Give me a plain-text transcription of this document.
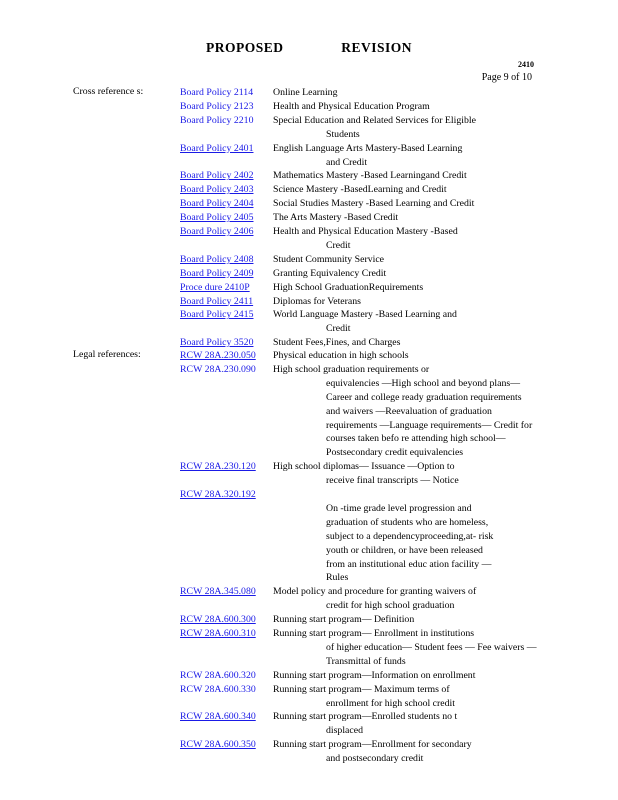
PROPOSED	REVISION
2410
Page 9 of 10
Cross reference s:
Legal references:
Board Policy 2114 Online Learning
Board Policy 2123 Health and Physical Education Program
Board Policy 2210 Special Education and Related Services for Eligible
Students
Board Policy 2401 English Language Arts Mastery-Based Learning
and Credit
Board Policy 2402 Mathematics Mastery -Based Learningand Credit
Board Policy 2403 Science Mastery -BasedLearning and Credit
Board Policy 2404 Social Studies Mastery -Based Learning and Credit
Board Policy 2405 The Arts Mastery -Based Credit
Board Policy 2406 Health and Physical Education Mastery -Based
Credit
Board Policy 2408 Student Community Service
Board Policy 2409 Granting Equivalency Credit
Proce dure 2410P High School GraduationRequirements
Board Policy 2411 Diplomas for Veterans
Board Policy 2415 World Language Mastery -Based Learning and
Credit
Board Policy 3520 Student Fees,Fines, and Charges
RCW 28A.230.050 Physical education in high schools
RCW 28A.230.090 High school graduation requirements or
equivalencies —High school and beyond plans—
Career and college ready graduation requirements
and waivers —Reevaluation of graduation
requirements —Language requirements— Credit for
courses taken befo re attending high school—
Postsecondary credit equivalencies
RCW 28A.230.120 High school diplomas— Issuance —Option to
receive final transcripts — Notice
RCW 28A.320.192
On -time grade level progression and
graduation of students who are homeless,
subject to a dependencyproceeding,at- risk
youth or children, or have been released
from an institutional educ ation facility —
Rules
RCW 28A.345.080 Model policy and procedure for granting waivers of
credit for high school graduation
RCW 28A.600.300 Running start program— Definition
RCW 28A.600.310 Running start program— Enrollment in institutions
of higher education— Student fees — Fee waivers —
Transmittal of funds
RCW 28A.600.320 Running start program—Information on enrollment
RCW 28A.600.330 Running start program— Maximum terms of
enrollment for high school credit
RCW 28A.600.340 Running start program—Enrolled students no t
displaced
RCW 28A.600.350 Running start program—Enrollment for secondary
and postsecondary credit
